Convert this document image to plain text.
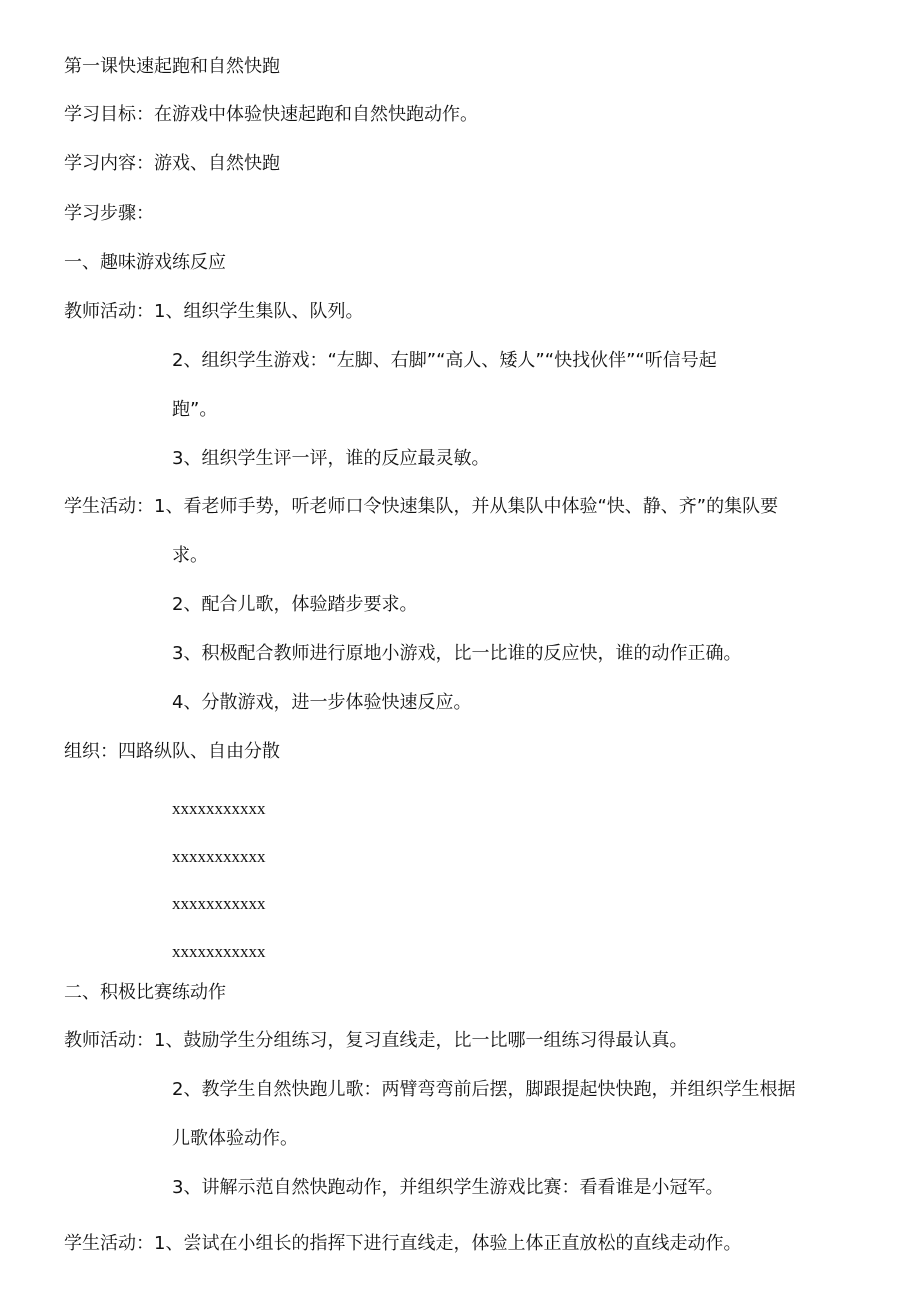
第一课快速起跑和自然快跑
学习目标：在游戏中体验快速起跑和自然快跑动作。
学习内容：游戏、自然快跑
学习步骤：
一、趣味游戏练反应
教师活动：1、组织学生集队、队列。
2、组织学生游戏：“左脚、右脚”“高人、矮人”“快找伙伴”“听信号起
跑”。
3、组织学生评一评，谁的反应最灵敏。
学生活动：1、看老师手势，听老师口令快速集队，并从集队中体验“快、静、齐”的集队要
求。
2、配合儿歌，体验踏步要求。
3、积极配合教师进行原地小游戏，比一比谁的反应快，谁的动作正确。
4、分散游戏，进一步体验快速反应。
组织：四路纵队、自由分散
xxxxxxxxxxx
xxxxxxxxxxx
xxxxxxxxxxx
xxxxxxxxxxx
二、积极比赛练动作
教师活动：1、鼓励学生分组练习，复习直线走，比一比哪一组练习得最认真。
2、教学生自然快跑儿歌：两臂弯弯前后摆，脚跟提起快快跑，并组织学生根据
儿歌体验动作。
3、讲解示范自然快跑动作，并组织学生游戏比赛：看看谁是小冠军。
学生活动：1、尝试在小组长的指挥下进行直线走，体验上体正直放松的直线走动作。
